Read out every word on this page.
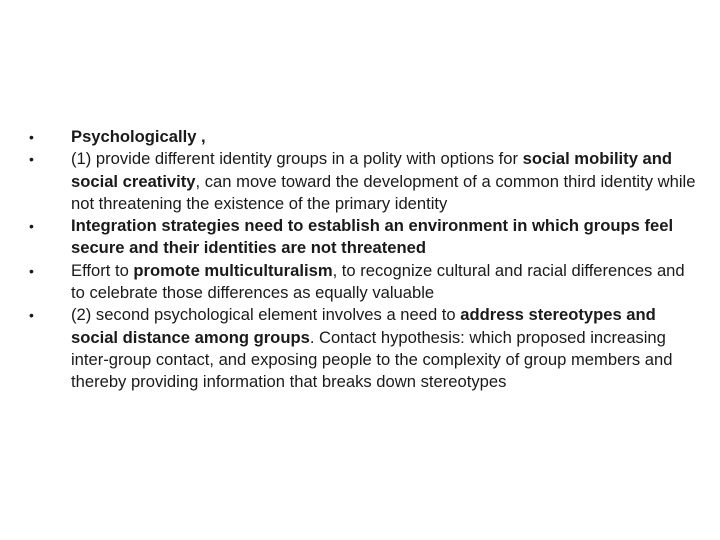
• Psychologically ,
• (1) provide different identity groups in a polity with options for social mobility and social creativity, can move toward the development of a common third identity while not threatening the existence of the primary identity
• Integration strategies need to establish an environment in which groups feel secure and their identities are not threatened
• Effort to promote multiculturalism, to recognize cultural and racial differences and to celebrate those differences as equally valuable
• (2) second psychological element involves a need to address stereotypes and social distance among groups. Contact hypothesis: which proposed increasing inter-group contact, and exposing people to the complexity of group members and thereby providing information that breaks down stereotypes
